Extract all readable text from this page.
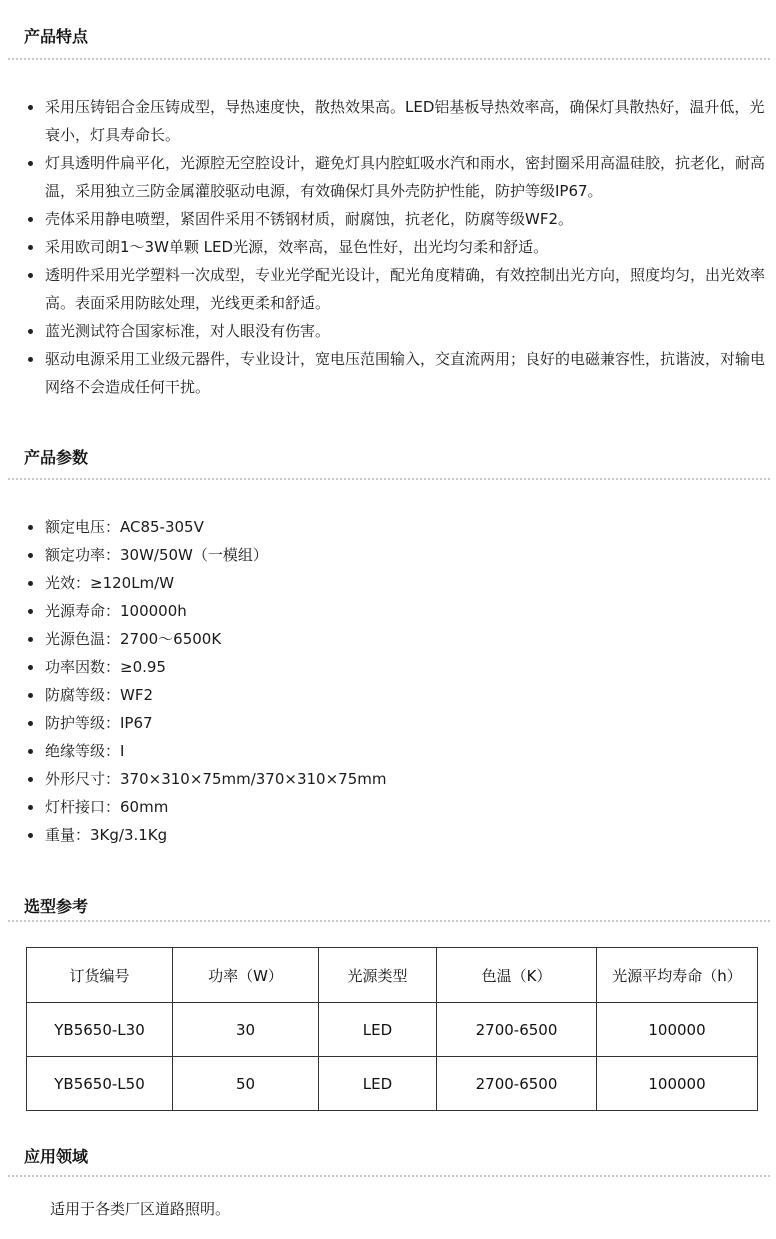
产品特点
采用压铸铝合金压铸成型，导热速度快，散热效果高。LED铝基板导热效率高，确保灯具散热好，温升低，光衰小，灯具寿命长。
灯具透明件扁平化，光源腔无空腔设计，避免灯具内腔虹吸水汽和雨水，密封圈采用高温硅胶，抗老化，耐高温，采用独立三防金属灌胶驱动电源，有效确保灯具外壳防护性能，防护等级IP67。
壳体采用静电喷塑，紧固件采用不锈钢材质，耐腐蚀，抗老化，防腐等级WF2。
采用欧司朗1～3W单颗 LED光源，效率高，显色性好，出光均匀柔和舒适。
透明件采用光学塑料一次成型，专业光学配光设计，配光角度精确，有效控制出光方向，照度均匀，出光效率高。表面采用防眩处理，光线更柔和舒适。
蓝光测试符合国家标准，对人眼没有伤害。
驱动电源采用工业级元器件，专业设计，宽电压范围输入，交直流两用；良好的电磁兼容性，抗谐波，对输电网络不会造成任何干扰。
产品参数
额定电压：AC85-305V
额定功率：30W/50W（一模组）
光效：≥120Lm/W
光源寿命：100000h
光源色温：2700～6500K
功率因数：≥0.95
防腐等级：WF2
防护等级：IP67
绝缘等级：I
外形尺寸：370×310×75mm/370×310×75mm
灯杆接口：60mm
重量：3Kg/3.1Kg
选型参考
订货编号	功率（W）	光源类型	色温（K）	光源平均寿命（h）
YB5650-L30	30	LED	2700-6500	100000
YB5650-L50	50	LED	2700-6500	100000
应用领域

适用于各类厂区道路照明。
